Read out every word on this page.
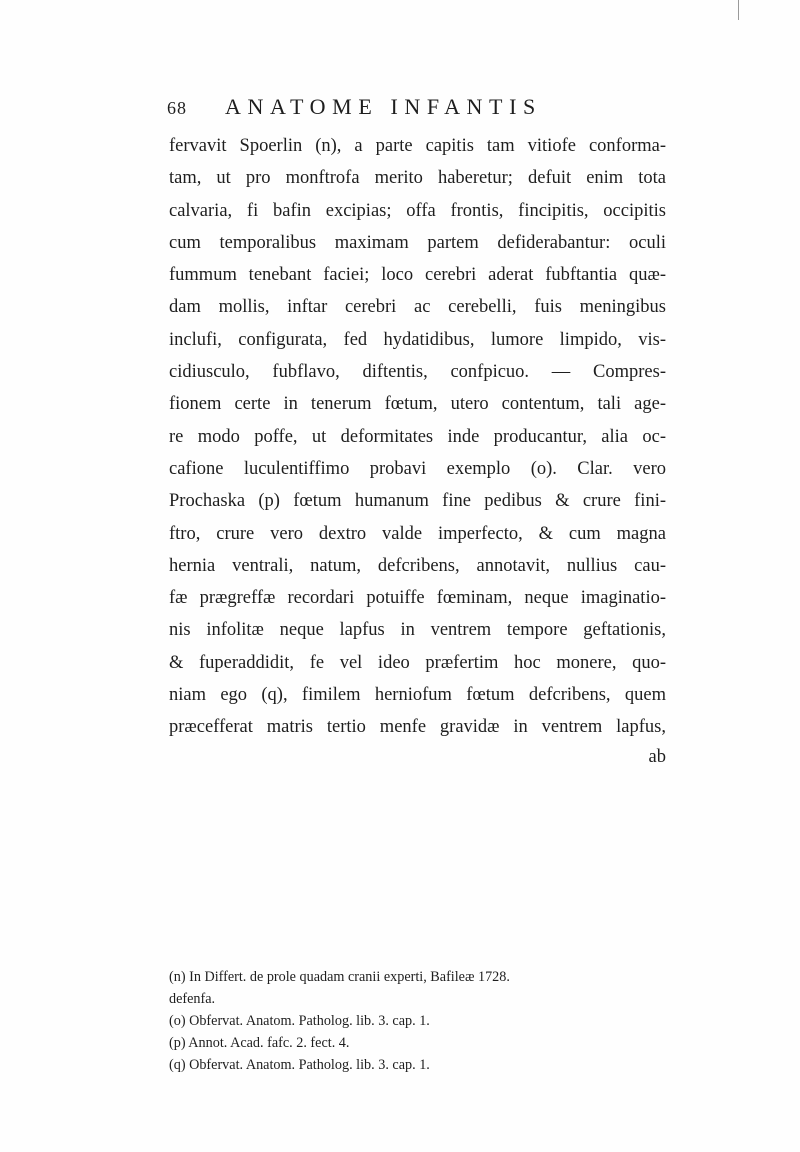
68 ANATOME INFANTIS
fervavit Spoerlin (n), a parte capitis tam vitiofe conforma-
tam, ut pro monftrofa merito haberetur; defuit enim tota
calvaria, fi bafin excipias; offa frontis, fincipitis, occipitis
cum temporalibus maximam partem defiderabantur: oculi
fummum tenebant faciei; loco cerebri aderat fubftantia quæ-
dam mollis, inftar cerebri ac cerebelli, fuis meningibus
inclufi, configurata, fed hydatidibus, lumore limpido, vis-
cidiusculo, fubflavo, diftentis, confpicuo. — Compres-
fionem certe in tenerum fœtum, utero contentum, tali age-
re modo poffe, ut deformitates inde producantur, alia oc-
cafione luculentiffimo probavi exemplo (o). Clar. vero
Prochaska (p) fœtum humanum fine pedibus & crure fini-
ftro, crure vero dextro valde imperfecto, & cum magna
hernia ventrali, natum, defcribens, annotavit, nullius cau-
fæ prægreffæ recordari potuiffe fœminam, neque imaginatio-
nis infolitæ neque lapfus in ventrem tempore geftationis,
& fuperaddidit, fe vel ideo præfertim hoc monere, quo-
niam ego (q), fimilem herniofum fœtum defcribens, quem
præcefferat matris tertio menfe gravidæ in ventrem lapfus,
ab
(n) In Differt. de prole quadam cranii experti, Bafileæ 1728.
defenfa.
(o) Obfervat. Anatom. Patholog. lib. 3. cap. 1.
(p) Annot. Acad. fafc. 2. fect. 4.
(q) Obfervat. Anatom. Patholog. lib. 3. cap. 1.
